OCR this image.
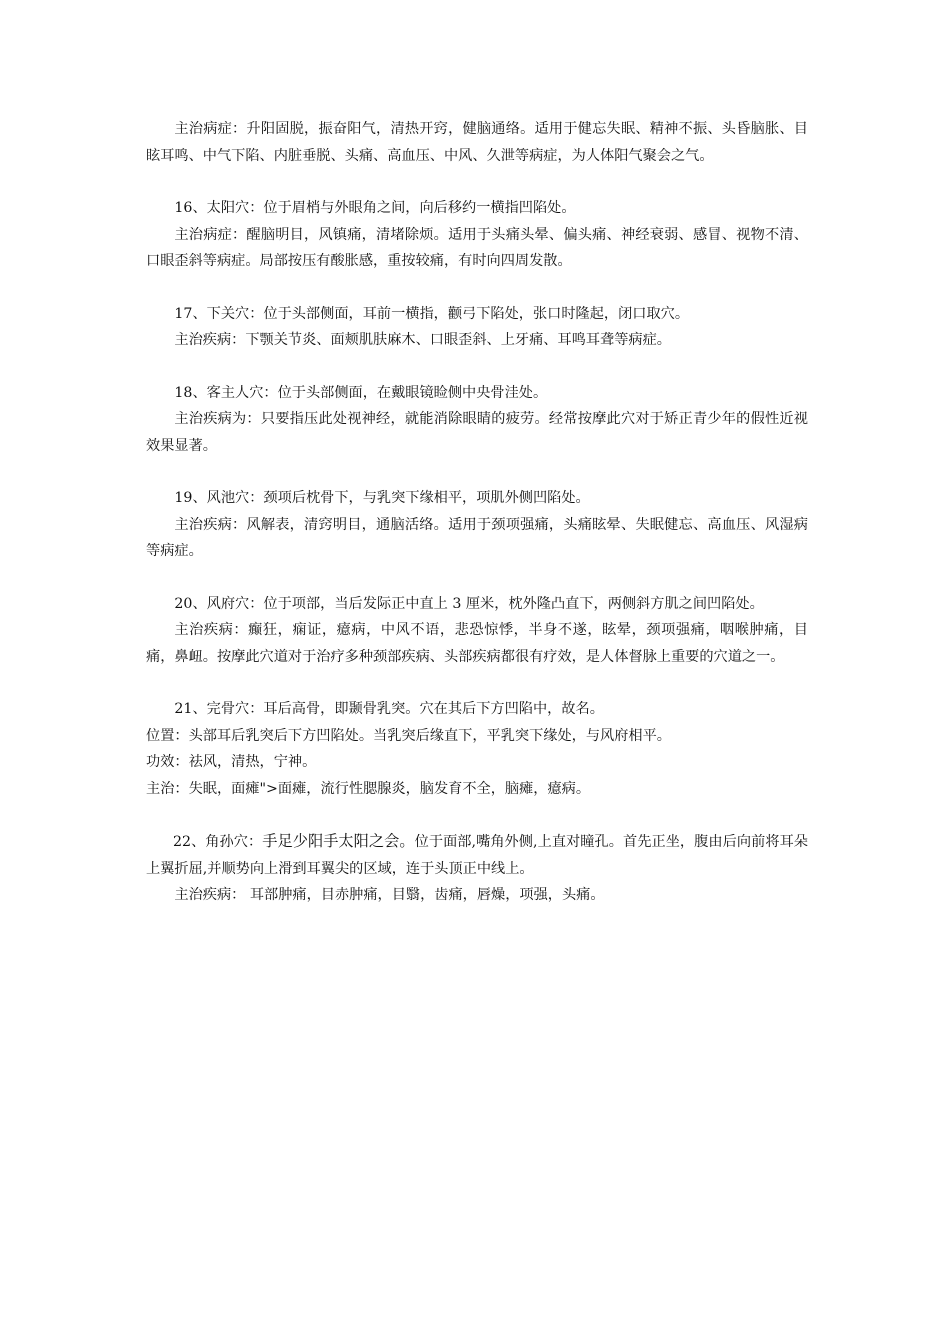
主治病症：升阳固脱，振奋阳气，清热开窍，健脑通络。适用于健忘失眠、精神不振、头昏脑胀、目眩耳鸣、中气下陷、内脏垂脱、头痛、高血压、中风、久泄等病症，为人体阳气聚会之气。

16、太阳穴：位于眉梢与外眼角之间，向后移约一横指凹陷处。

主治病症：醒脑明目，风镇痛，清堵除烦。适用于头痛头晕、偏头痛、神经衰弱、感冒、视物不清、口眼歪斜等病症。局部按压有酸胀感，重按较痛，有时向四周发散。

17、下关穴：位于头部侧面，耳前一横指，颧弓下陷处，张口时隆起，闭口取穴。

主治疾病：下颚关节炎、面颊肌肤麻木、口眼歪斜、上牙痛、耳鸣耳聋等病症。

18、客主人穴：位于头部侧面，在戴眼镜睑侧中央骨洼处。

主治疾病为：只要指压此处视神经，就能消除眼睛的疲劳。经常按摩此穴对于矫正青少年的假性近视效果显著。

19、风池穴：颈项后枕骨下，与乳突下缘相平，项肌外侧凹陷处。

主治疾病：风解表，清窍明目，通脑活络。适用于颈项强痛，头痛眩晕、失眠健忘、高血压、风湿病等病症。

20、风府穴：位于项部，当后发际正中直上 3 厘米，枕外隆凸直下，两侧斜方肌之间凹陷处。

主治疾病：癫狂，痫证，癔病，中风不语，悲恐惊悸，半身不遂，眩晕，颈项强痛，咽喉肿痛，目痛，鼻衄。按摩此穴道对于治疗多种颈部疾病、头部疾病都很有疗效，是人体督脉上重要的穴道之一。

21、完骨穴：耳后高骨，即颞骨乳突。穴在其后下方凹陷中，故名。

位置：头部耳后乳突后下方凹陷处。当乳突后缘直下，平乳突下缘处，与风府相平。

功效：祛风，清热，宁神。

主治：失眠，面瘫">面瘫，流行性腮腺炎，脑发育不全，脑瘫，癔病。

22、角孙穴：手足少阳手太阳之会。位于面部,嘴角外侧,上直对瞳孔。首先正坐，腹由后向前将耳朵上翼折屈,并顺势向上滑到耳翼尖的区域，连于头顶正中线上。

主治疾病： 耳部肿痛，目赤肿痛，目翳，齿痛，唇燥，项强，头痛。
